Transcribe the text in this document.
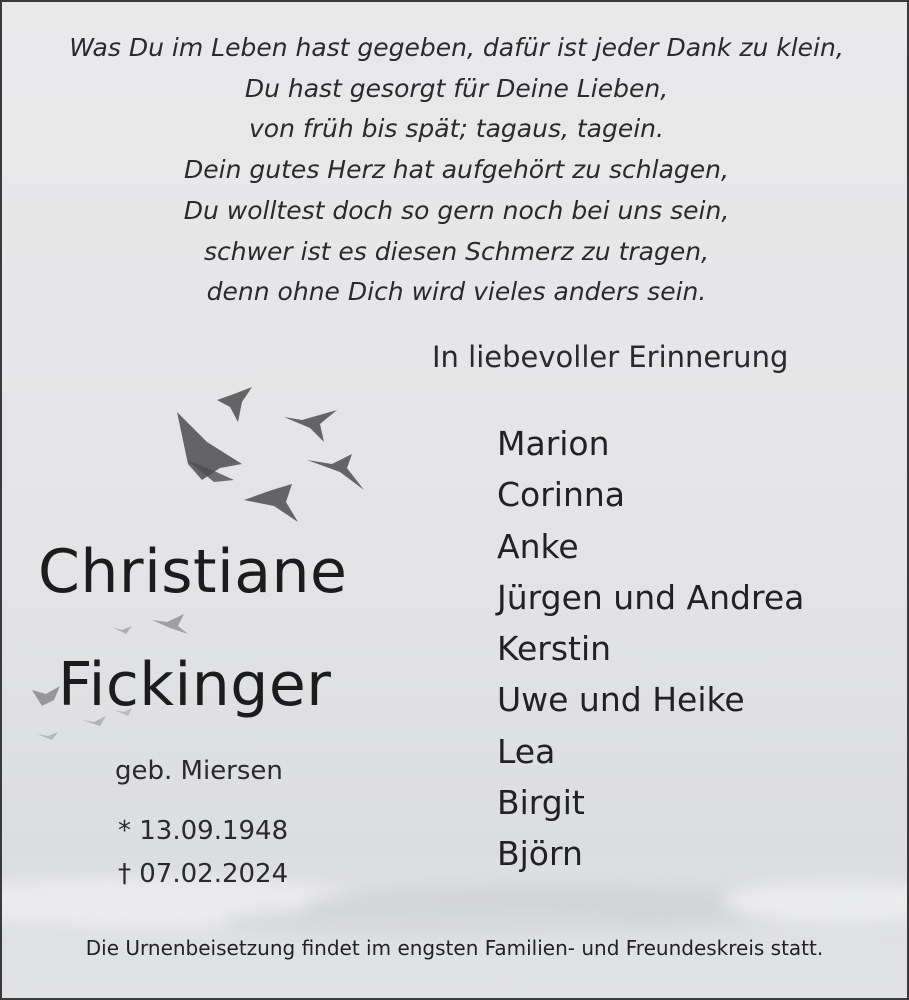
Was Du im Leben hast gegeben, dafür ist jeder Dank zu klein,
Du hast gesorgt für Deine Lieben,
von früh bis spät; tagaus, tagein.
Dein gutes Herz hat aufgehört zu schlagen,
Du wolltest doch so gern noch bei uns sein,
schwer ist es diesen Schmerz zu tragen,
denn ohne Dich wird vieles anders sein.
In liebevoller Erinnerung
Marion
Corinna
Anke
Jürgen und Andrea
Kerstin
Uwe und Heike
Lea
Birgit
Björn
Christiane
Fickinger
geb. Miersen
* 13.09.1948
† 07.02.2024
Die Urnenbeisetzung findet im engsten Familien- und Freundeskreis statt.
